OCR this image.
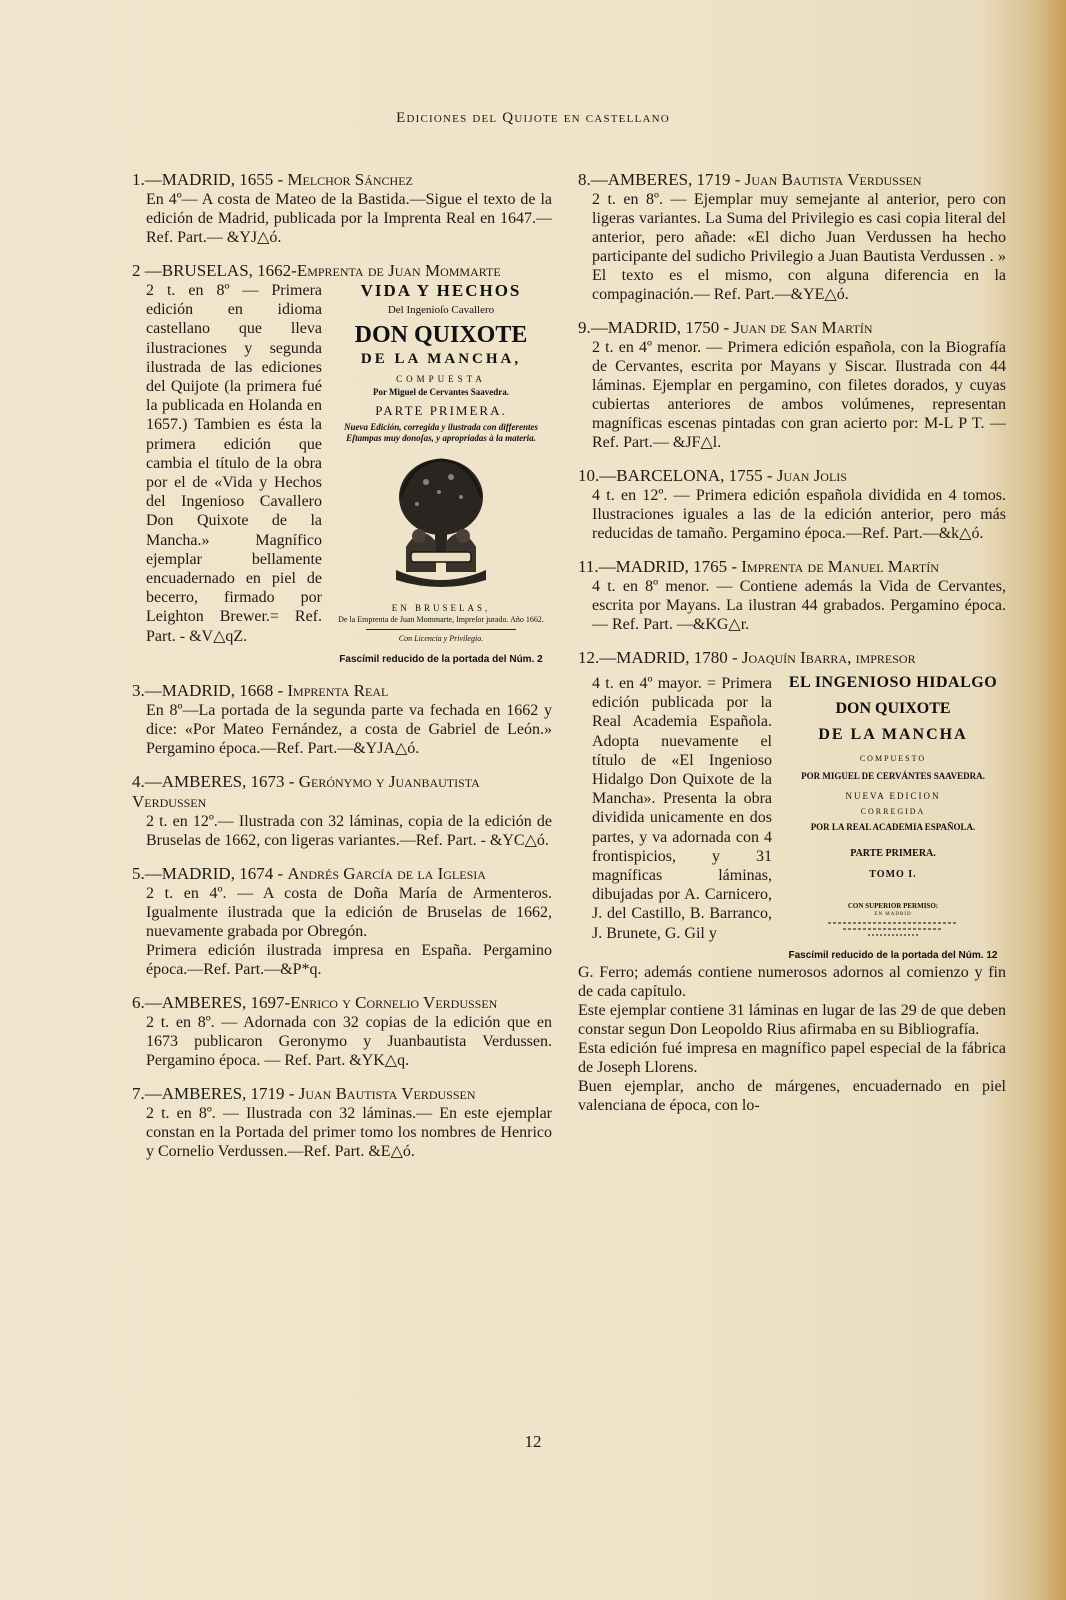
Ediciones del Quijote en castellano
1.—MADRID, 1655 - Melchor Sánchez
En 4º— A costa de Mateo de la Bastida.—Sigue el texto de la edición de Madrid, publicada por la Imprenta Real en 1647.—Ref. Part.— &YJ△ó.
2 —BRUSELAS, 1662-Emprenta de Juan Mommarte
2 t. en 8º — Primera edición en idioma castellano que lleva ilustraciones y segunda ilustrada de las ediciones del Quijote (la primera fué la publicada en Holanda en 1657.) Tambien es ésta la primera edición que cambia el título de la obra por el de «Vida y Hechos del Ingenioso Cavallero Don Quixote de la Mancha.» Magnífico ejemplar bellamente encuadernado en piel de becerro, firmado por Leighton Brewer.= Ref. Part. - &V△qZ.
VIDA Y HECHOS
Del Ingenioſo Cavallero
DON QUIXOTE
DE LA MANCHA,
COMPUESTA
Por Miguel de Cervantes Saavedra.
PARTE PRIMERA.
Nueva Edición, corregida y ilustrada con differentes Eſtampas muy donoſas, y apropriadas à la materia.
EN BRUSELAS,
De la Emprenta de Juan Mommarte, Impreſor jurado. Año 1662.
Con Licencia y Privilegio.
Fascímil reducido de la portada del Núm. 2
3.—MADRID, 1668 - Imprenta Real
En 8º—La portada de la segunda parte va fechada en 1662 y dice: «Por Mateo Fernández, a costa de Gabriel de León.» Pergamino época.—Ref. Part.—&YJA△ó.
4.—AMBERES, 1673 - Gerónymo y Juanbautista Verdussen
2 t. en 12º.— Ilustrada con 32 láminas, copia de la edición de Bruselas de 1662, con ligeras variantes.—Ref. Part. - &YC△ó.
5.—MADRID, 1674 - Andrés García de la Iglesia
2 t. en 4º. — A costa de Doña María de Armenteros. Igualmente ilustrada que la edición de Bruselas de 1662, nuevamente grabada por Obregón.
Primera edición ilustrada impresa en España. Pergamino época.—Ref. Part.—&P*q.
6.—AMBERES, 1697-Enrico y Cornelio Verdussen
2 t. en 8º. — Adornada con 32 copias de la edición que en 1673 publicaron Geronymo y Juanbautista Verdussen. Pergamino época. — Ref. Part. &YK△q.
7.—AMBERES, 1719 - Juan Bautista Verdussen
2 t. en 8º. — Ilustrada con 32 láminas.— En este ejemplar constan en la Portada del primer tomo los nombres de Henrico y Cornelio Verdussen.—Ref. Part. &E△ó.
8.—AMBERES, 1719 - Juan Bautista Verdussen
2 t. en 8º. — Ejemplar muy semejante al anterior, pero con ligeras variantes. La Suma del Privilegio es casi copia literal del anterior, pero añade: «El dicho Juan Verdussen ha hecho participante del sudicho Privilegio a Juan Bautista Verdussen . » El texto es el mismo, con alguna diferencia en la compaginación.— Ref. Part.—&YE△ó.
9.—MADRID, 1750 - Juan de San Martín
2 t. en 4º menor. — Primera edición española, con la Biografía de Cervantes, escrita por Mayans y Siscar. Ilustrada con 44 láminas. Ejemplar en pergamino, con filetes dorados, y cuyas cubiertas anteriores de ambos volúmenes, representan magníficas escenas pintadas con gran acierto por: M-L P T. — Ref. Part.— &JF△l.
10.—BARCELONA, 1755 - Juan Jolis
4 t. en 12º. — Primera edición española dividida en 4 tomos. Ilustraciones iguales a las de la edición anterior, pero más reducidas de tamaño. Pergamino época.—Ref. Part.—&k△ó.
11.—MADRID, 1765 - Imprenta de Manuel Martín
4 t. en 8º menor. — Contiene además la Vida de Cervantes, escrita por Mayans. La ilustran 44 grabados. Pergamino época. — Ref. Part. —&KG△r.
12.—MADRID, 1780 - Joaquín Ibarra, impresor
4 t. en 4º mayor. = Primera edición publicada por la Real Academia Española. Adopta nuevamente el título de «El Ingenioso Hidalgo Don Quixote de la Mancha». Presenta la obra dividida unicamente en dos partes, y va adornada con 4 frontispicios, y 31 magníficas láminas, dibujadas por A. Carnicero, J. del Castillo, B. Barranco, J. Brunete, G. Gil y
EL INGENIOSO HIDALGO
DON QUIXOTE
DE LA MANCHA
COMPUESTO
POR MIGUEL DE CERVÁNTES SAAVEDRA.
NUEVA EDICION
CORREGIDA
POR LA REAL ACADEMIA ESPAÑOLA.
PARTE PRIMERA.
TOMO I.
CON SUPERIOR PERMISO:
EN MADRID
Fascímil reducido de la portada del Núm. 12
G. Ferro; además contiene numerosos adornos al comienzo y fin de cada capítulo.
Este ejemplar contiene 31 láminas en lugar de las 29 de que deben constar segun Don Leopoldo Rius afirmaba en su Bibliografía.
Esta edición fué impresa en magnífico papel especial de la fábrica de Joseph Llorens.
Buen ejemplar, ancho de márgenes, encuadernado en piel valenciana de época, con lo-
12
